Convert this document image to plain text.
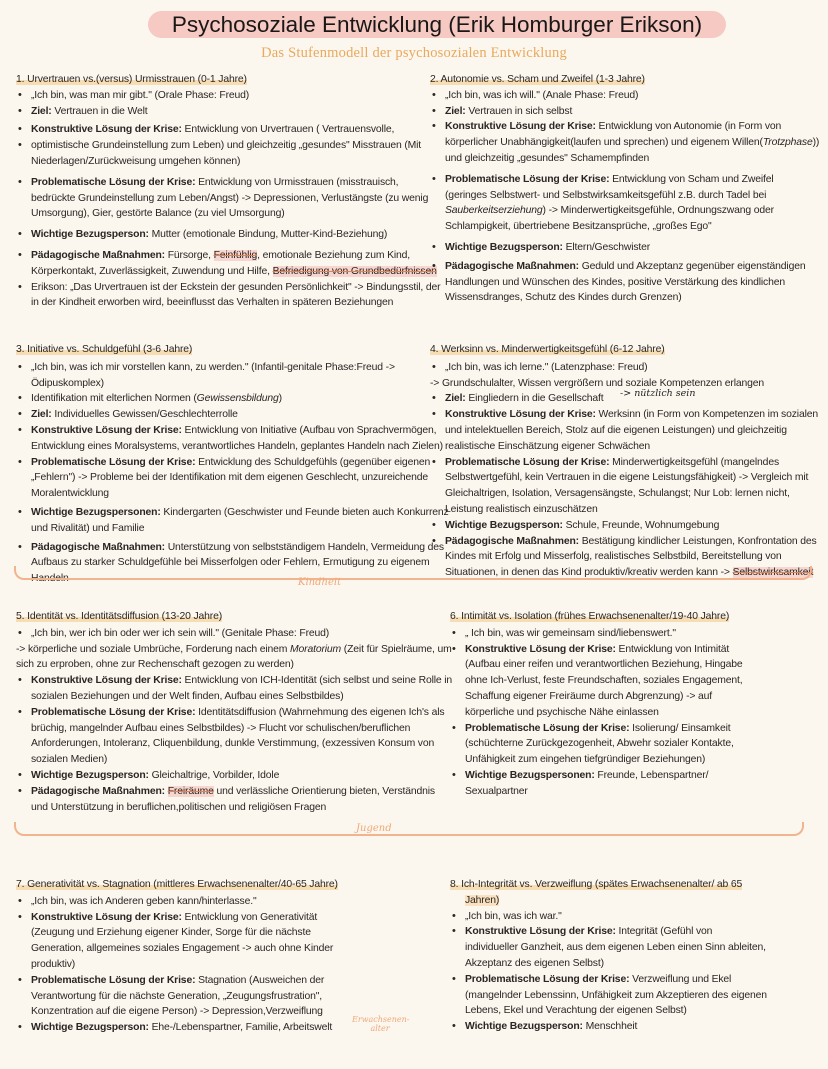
Psychosoziale Entwicklung (Erik Homburger Erikson)
Das Stufenmodell der psychosozialen Entwicklung
1. Urvertrauen vs.(versus) Urmisstrauen (0-1 Jahre)
• „Ich bin, was man mir gibt." (Orale Phase: Freud)
• Ziel: Vertrauen in die Welt
• Konstruktive Lösung der Krise: Entwicklung von Urvertrauen ( Vertrauensvolle,
• optimistische Grundeinstellung zum Leben) und gleichzeitig „gesundes" Misstrauen (Mit
Niederlagen/Zurückweisung umgehen können)
• Problematische Lösung der Krise: Entwicklung von Urmisstrauen (misstrauisch,
bedrückte Grundeinstellung zum Leben/Angst) -> Depressionen, Verlustängste (zu wenig
Umsorgung), Gier, gestörte Balance (zu viel Umsorgung)
• Wichtige Bezugsperson: Mutter (emotionale Bindung, Mutter-Kind-Beziehung)
• Pädagogische Maßnahmen: Fürsorge, Feinfühlig, emotionale Beziehung zum Kind,
Körperkontakt, Zuverlässigkeit, Zuwendung und Hilfe, Befriedigung von Grundbedürfnissen
• Erikson: „Das Urvertrauen ist der Eckstein der gesunden Persönlichkeit" -> Bindungsstil, der
in der Kindheit erworben wird, beeinflusst das Verhalten in späteren Beziehungen
2. Autonomie vs. Scham und Zweifel (1-3 Jahre)
• „Ich bin, was ich will." (Anale Phase: Freud)
• Ziel: Vertrauen in sich selbst
• Konstruktive Lösung der Krise: Entwicklung von Autonomie (in Form von
körperlicher Unabhängigkeit(laufen und sprechen) und eigenem Willen(Trotzphase))
und gleichzeitig „gesundes" Schamempfinden
• Problematische Lösung der Krise: Entwicklung von Scham und Zweifel
(geringes Selbstwert- und Selbstwirksamkeitsgefühl z.B. durch Tadel bei
Sauberkeitserziehung) -> Minderwertigkeitsgefühle, Ordnungszwang oder
Schlampigkeit, übertriebene Besitzansprüche, „großes Ego"
• Wichtige Bezugsperson: Eltern/Geschwister
• Pädagogische Maßnahmen: Geduld und Akzeptanz gegenüber eigenständigen
Handlungen und Wünschen des Kindes, positive Verstärkung des kindlichen
Wissensdranges, Schutz des Kindes durch Grenzen)
3. Initiative vs. Schuldgefühl (3-6 Jahre)
• „Ich bin, was ich mir vorstellen kann, zu werden." (Infantil-genitale Phase:Freud ->
Ödipuskomplex)
• Identifikation mit elterlichen Normen (Gewissensbildung)
• Ziel: Individuelles Gewissen/Geschlechterrolle
• Konstruktive Lösung der Krise: Entwicklung von Initiative (Aufbau von Sprachvermögen,
Entwicklung eines Moralsystems, verantwortliches Handeln, geplantes Handeln nach Zielen)
• Problematische Lösung der Krise: Entwicklung des Schuldgefühls (gegenüber eigenen
„Fehlern") -> Probleme bei der Identifikation mit dem eigenen Geschlecht, unzureichende
Moralentwicklung
• Wichtige Bezugspersonen: Kindergarten (Geschwister und Feunde bieten auch Konkurrenz
und Rivalität) und Familie
• Pädagogische Maßnahmen: Unterstützung von selbstständigem Handeln, Vermeidung des
Aufbaus zu starker Schuldgefühle bei Misserfolgen oder Fehlern, Ermutigung zu eigenem
Handeln
4. Werksinn vs. Minderwertigkeitsgefühl (6-12 Jahre)
• „Ich bin, was ich lerne." (Latenzphase: Freud)
-> Grundschulalter, Wissen vergrößern und soziale Kompetenzen erlangen
• Ziel: Eingliedern in die Gesellschaft
• Konstruktive Lösung der Krise: Werksinn (in Form von Kompetenzen im sozialen
und intelektuellen Bereich, Stolz auf die eigenen Leistungen) und gleichzeitig
realistische Einschätzung eigener Schwächen
• Problematische Lösung der Krise: Minderwertigkeitsgefühl (mangelndes
Selbstwertgefühl, kein Vertrauen in die eigene Leistungsfähigkeit) -> Vergleich mit
Gleichaltrigen, Isolation, Versagensängste, Schulangst; Nur Lob: lernen nicht,
Leistung realistisch einzuschätzen
• Wichtige Bezugsperson: Schule, Freunde, Wohnumgebung
• Pädagogische Maßnahmen: Bestätigung kindlicher Leistungen, Konfrontation des
Kindes mit Erfolg und Misserfolg, realistisches Selbstbild, Bereitstellung von
Situationen, in denen das Kind produktiv/kreativ werden kann -> Selbstwirksamkeit
-> nützlich sein
Kindheit
5. Identität vs. Identitätsdiffusion (13-20 Jahre)
• „Ich bin, wer ich bin oder wer ich sein will." (Genitale Phase: Freud)
-> körperliche und soziale Umbrüche, Forderung nach einem Moratorium (Zeit für Spielräume, um
sich zu erproben, ohne zur Rechenschaft gezogen zu werden)
• Konstruktive Lösung der Krise: Entwicklung von ICH-Identität (sich selbst und seine Rolle in
sozialen Beziehungen und der Welt finden, Aufbau eines Selbstbildes)
• Problematische Lösung der Krise: Identitätsdiffusion (Wahrnehmung des eigenen Ich's als
brüchig, mangelnder Aufbau eines Selbstbildes) -> Flucht vor schulischen/beruflichen
Anforderungen, Intoleranz, Cliquenbildung, dunkle Verstimmung, (exzessiven Konsum von
sozialen Medien)
• Wichtige Bezugsperson: Gleichaltrige, Vorbilder, Idole
• Pädagogische Maßnahmen: Freiräume und verlässliche Orientierung bieten, Verständnis
und Unterstützung in beruflichen,politischen und religiösen Fragen
6. Intimität vs. Isolation (frühes Erwachsenenalter/19-40 Jahre)
• „ Ich bin, was wir gemeinsam sind/liebenswert."
• Konstruktive Lösung der Krise: Entwicklung von Intimität
(Aufbau einer reifen und verantwortlichen Beziehung, Hingabe
ohne Ich-Verlust, feste Freundschaften, soziales Engagement,
Schaffung eigener Freiräume durch Abgrenzung) -> auf
körperliche und psychische Nähe einlassen
• Problematische Lösung der Krise: Isolierung/ Einsamkeit
(schüchterne Zurückgezogenheit, Abwehr sozialer Kontakte,
Unfähigkeit zum eingehen tiefgründiger Beziehungen)
• Wichtige Bezugspersonen: Freunde, Lebenspartner/
Sexualpartner
Jugend
7. Generativität vs. Stagnation (mittleres Erwachsenenalter/40-65 Jahre)
• „Ich bin, was ich Anderen geben kann/hinterlasse."
• Konstruktive Lösung der Krise: Entwicklung von Generativität
(Zeugung und Erziehung eigener Kinder, Sorge für die nächste
Generation, allgemeines soziales Engagement -> auch ohne Kinder
produktiv)
• Problematische Lösung der Krise: Stagnation (Ausweichen der
Verantwortung für die nächste Generation, „Zeugungsfrustration",
Konzentration auf die eigene Person) -> Depression,Verzweiflung
• Wichtige Bezugsperson: Ehe-/Lebenspartner, Familie, Arbeitswelt
8. Ich-Integrität vs. Verzweiflung (spätes Erwachsenenalter/ ab 65
Jahren)
• „Ich bin, was ich war."
• Konstruktive Lösung der Krise: Integrität (Gefühl von
individueller Ganzheit, aus dem eigenen Leben einen Sinn ableiten,
Akzeptanz des eigenen Selbst)
• Problematische Lösung der Krise: Verzweiflung und Ekel
(mangelnder Lebenssinn, Unfähigkeit zum Akzeptieren des eigenen
Lebens, Ekel und Verachtung der eigenen Selbst)
• Wichtige Bezugsperson: Menschheit
Erwachsenen-alter
